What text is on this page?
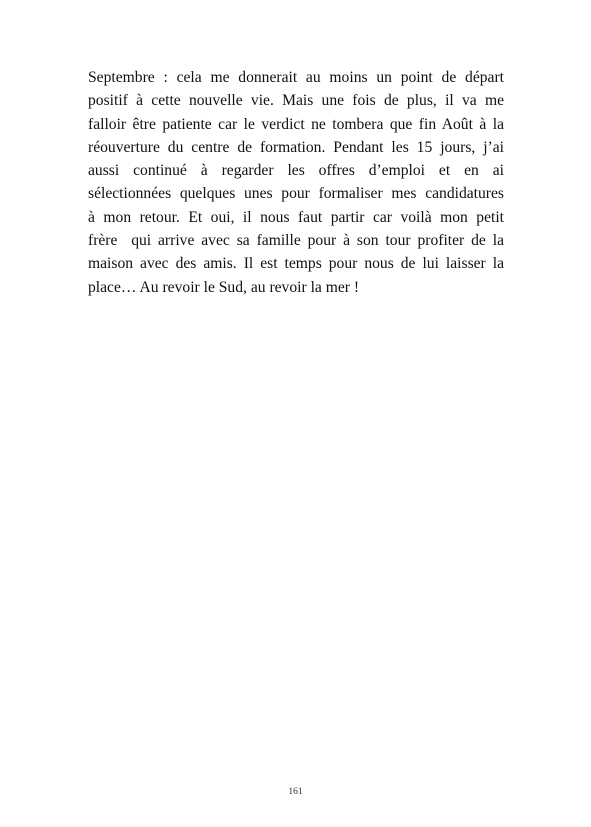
Septembre : cela me donnerait au moins un point de départ
positif à cette nouvelle vie. Mais une fois de plus, il va me
falloir être patiente car le verdict ne tombera que fin Août à la
réouverture du centre de formation. Pendant les 15 jours, j’ai
aussi continué à regarder les offres d’emploi et en ai
sélectionnées quelques unes pour formaliser mes candidatures
à mon retour. Et oui, il nous faut partir car voilà mon petit
frère  qui arrive avec sa famille pour à son tour profiter de la
maison avec des amis. Il est temps pour nous de lui laisser la
place… Au revoir le Sud, au revoir la mer !
161
